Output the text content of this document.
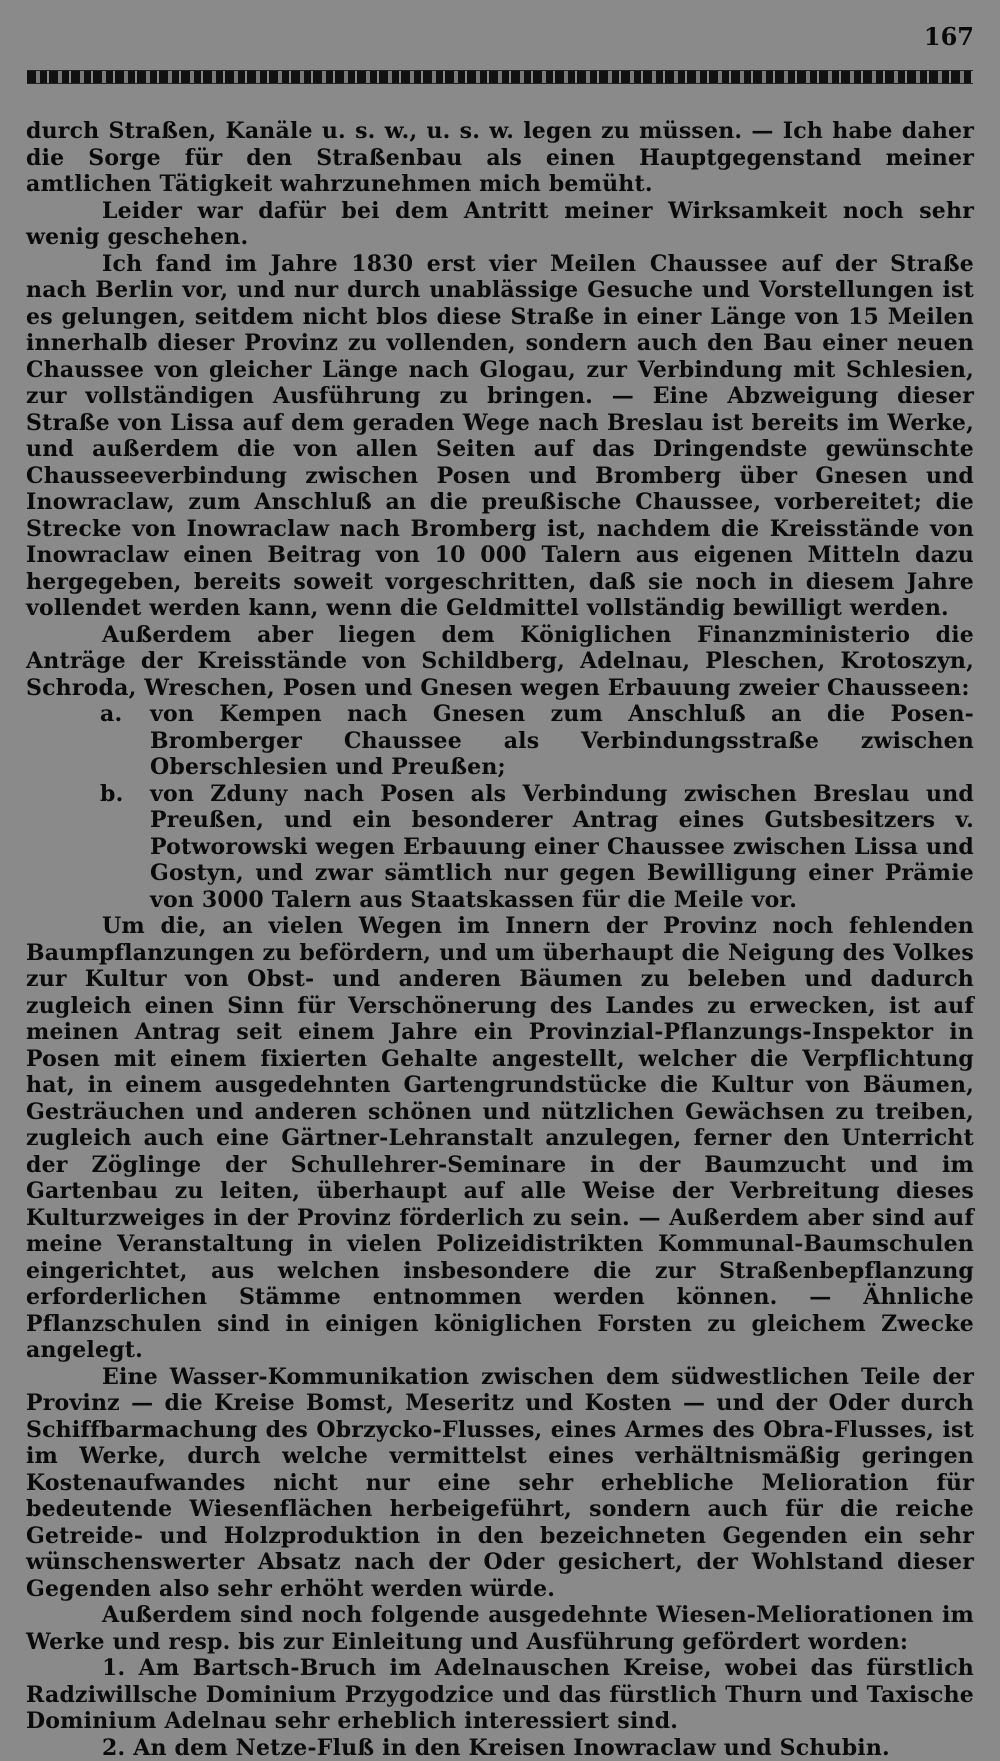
167

durch Straßen, Kanäle u. s. w., u. s. w. legen zu müssen. — Ich habe daher die Sorge für den Straßenbau als einen Hauptgegenstand meiner amtlichen Tätigkeit wahrzunehmen mich bemüht.

Leider war dafür bei dem Antritt meiner Wirksamkeit noch sehr wenig geschehen.

Ich fand im Jahre 1830 erst vier Meilen Chaussee auf der Straße nach Berlin vor, und nur durch unablässige Gesuche und Vorstellungen ist es gelungen, seitdem nicht blos diese Straße in einer Länge von 15 Meilen innerhalb dieser Provinz zu vollenden, sondern auch den Bau einer neuen Chaussee von gleicher Länge nach Glogau, zur Verbindung mit Schlesien, zur vollständigen Ausführung zu bringen. — Eine Abzweigung dieser Straße von Lissa auf dem geraden Wege nach Breslau ist bereits im Werke, und außerdem die von allen Seiten auf das Dringendste gewünschte Chausseeverbindung zwischen Posen und Bromberg über Gnesen und Inowraclaw, zum Anschluß an die preußische Chaussee, vorbereitet; die Strecke von Inowraclaw nach Bromberg ist, nachdem die Kreisstände von Inowraclaw einen Beitrag von 10 000 Talern aus eigenen Mitteln dazu hergegeben, bereits soweit vorgeschritten, daß sie noch in diesem Jahre vollendet werden kann, wenn die Geldmittel vollständig bewilligt werden.

Außerdem aber liegen dem Königlichen Finanzministerio die Anträge der Kreisstände von Schildberg, Adelnau, Pleschen, Krotoszyn, Schroda, Wreschen, Posen und Gnesen wegen Erbauung zweier Chausseen:

a.	von Kempen nach Gnesen zum Anschluß an die Posen-Bromberger Chaussee als Verbindungsstraße zwischen Oberschlesien und Preußen;
b.	von Zduny nach Posen als Verbindung zwischen Breslau und Preußen, und ein besonderer Antrag eines Gutsbesitzers v. Potworowski wegen Erbauung einer Chaussee zwischen Lissa und Gostyn, und zwar sämtlich nur gegen Bewilligung einer Prämie von 3000 Talern aus Staatskassen für die Meile vor.

Um die, an vielen Wegen im Innern der Provinz noch fehlenden Baumpflanzungen zu befördern, und um überhaupt die Neigung des Volkes zur Kultur von Obst- und anderen Bäumen zu beleben und dadurch zugleich einen Sinn für Verschönerung des Landes zu erwecken, ist auf meinen Antrag seit einem Jahre ein Provinzial-Pflanzungs-Inspektor in Posen mit einem fixierten Gehalte angestellt, welcher die Verpflichtung hat, in einem ausgedehnten Gartengrundstücke die Kultur von Bäumen, Gesträuchen und anderen schönen und nützlichen Gewächsen zu treiben, zugleich auch eine Gärtner-Lehranstalt anzulegen, ferner den Unterricht der Zöglinge der Schullehrer-Seminare in der Baumzucht und im Gartenbau zu leiten, überhaupt auf alle Weise der Verbreitung dieses Kulturzweiges in der Provinz förderlich zu sein. — Außerdem aber sind auf meine Veranstaltung in vielen Polizeidistrikten Kommunal-Baumschulen eingerichtet, aus welchen insbesondere die zur Straßenbepflanzung erforderlichen Stämme entnommen werden können. — Ähnliche Pflanzschulen sind in einigen königlichen Forsten zu gleichem Zwecke angelegt.

Eine Wasser-Kommunikation zwischen dem südwestlichen Teile der Provinz — die Kreise Bomst, Meseritz und Kosten — und der Oder durch Schiffbarmachung des Obrzycko-Flusses, eines Armes des Obra-Flusses, ist im Werke, durch welche vermittelst eines verhältnismäßig geringen Kostenaufwandes nicht nur eine sehr erhebliche Melioration für bedeutende Wiesenflächen herbeigeführt, sondern auch für die reiche Getreide- und Holzproduktion in den bezeichneten Gegenden ein sehr wünschenswerter Absatz nach der Oder gesichert, der Wohlstand dieser Gegenden also sehr erhöht werden würde.

Außerdem sind noch folgende ausgedehnte Wiesen-Meliorationen im Werke und resp. bis zur Einleitung und Ausführung gefördert worden:

1. Am Bartsch-Bruch im Adelnauschen Kreise, wobei das fürstlich Radziwillsche Dominium Przygodzice und das fürstlich Thurn und Taxische Dominium Adelnau sehr erheblich interessiert sind.
2. An dem Netze-Fluß in den Kreisen Inowraclaw und Schubin.
